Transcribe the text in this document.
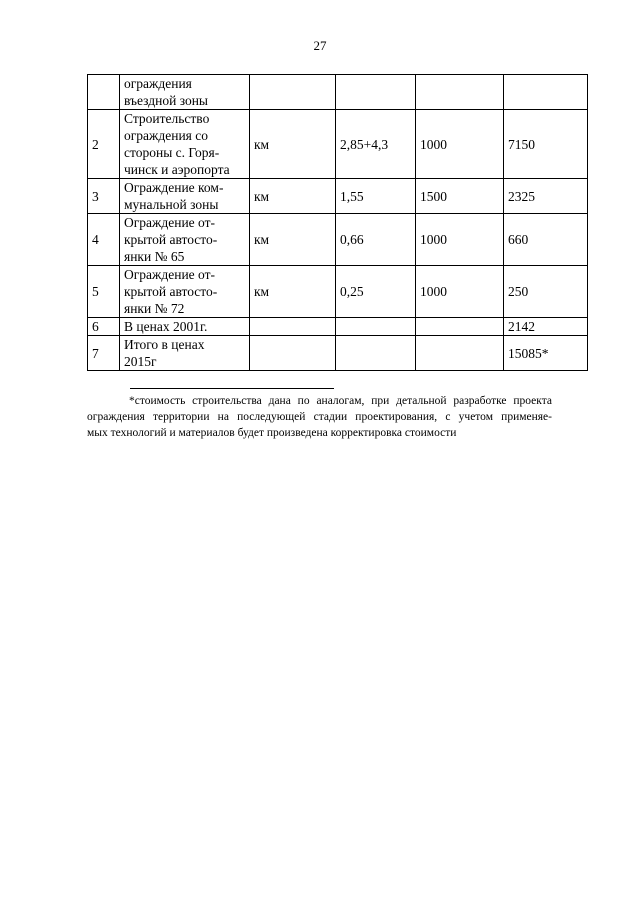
27

	ограждения
въездной зоны				

2	Строительство
ограждения со
стороны с. Горя-
чинск и аэропорта	км	2,85+4,3	1000	7150
3	Ограждение ком-
мунальной зоны	км	1,55	1500	2325
4	Ограждение от-
крытой автосто-
янки № 65	км	0,66	1000	660
5	Ограждение от-
крытой автосто-
янки № 72	км	0,25	1000	250
6	В ценах 2001г.				2142
7	Итого в ценах
2015г				15085*
*стоимость строительства дана по аналогам, при детальной разработке проекта
ограждения территории на последующей стадии проектирования, с учетом применяе-
мых технологий и материалов будет произведена корректировка стоимости
